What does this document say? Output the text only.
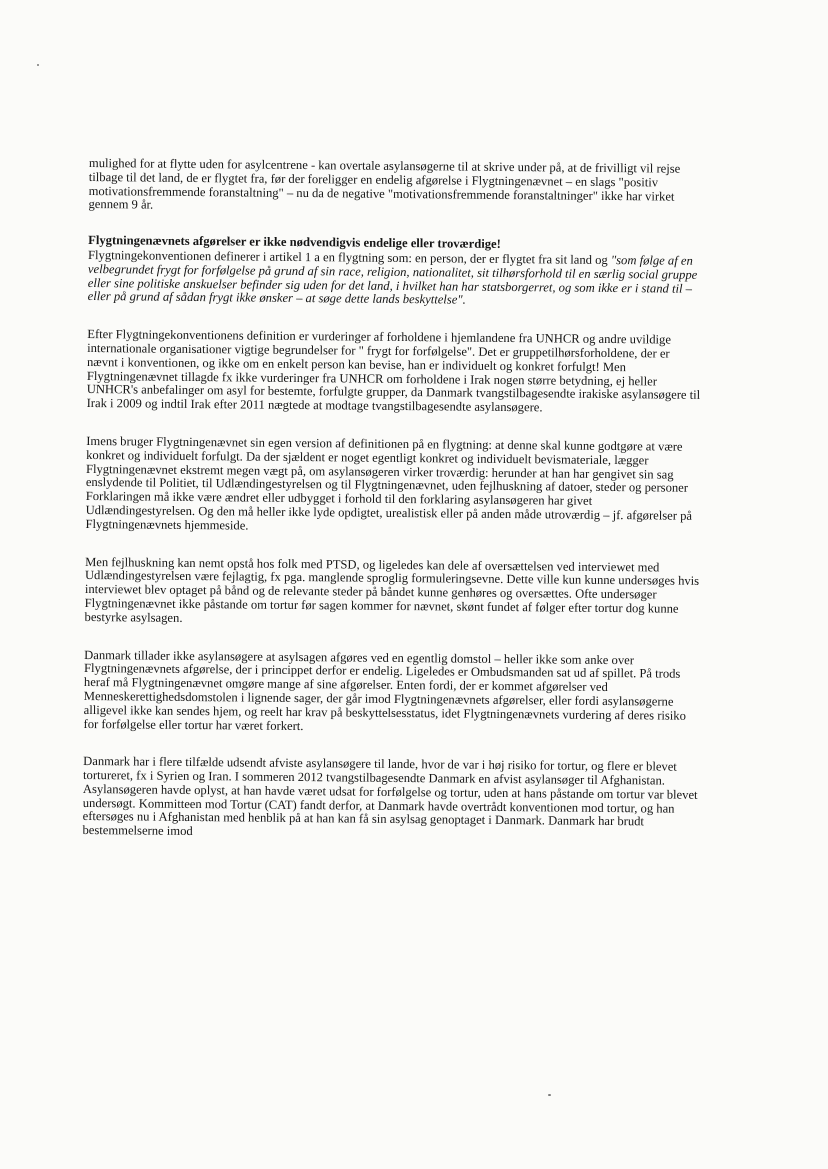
mulighed for at flytte uden for asylcentrene - kan overtale asylansøgerne til at skrive under på, at de frivilligt vil rejse tilbage til det land, de er flygtet fra, før der foreligger en endelig afgørelse i Flygtningenævnet – en slags "positiv motivationsfremmende foranstaltning" – nu da de negative "motivationsfremmende foranstaltninger" ikke har virket gennem 9 år.

Flygtningenævnets afgørelser er ikke nødvendigvis endelige eller troværdige!
Flygtningekonventionen definerer i artikel 1 a en flygtning som: en person, der er flygtet fra sit land og "som følge af en velbegrundet frygt for forfølgelse på grund af sin race, religion, nationalitet, sit tilhørsforhold til en særlig social gruppe eller sine politiske anskuelser befinder sig uden for det land, i hvilket han har statsborgerret, og som ikke er i stand til – eller på grund af sådan frygt ikke ønsker – at søge dette lands beskyttelse".

Efter Flygtningekonventionens definition er vurderinger af forholdene i hjemlandene fra UNHCR og andre uvildige internationale organisationer vigtige begrundelser for " frygt for forfølgelse". Det er gruppetilhørsforholdene, der er nævnt i konventionen, og ikke om en enkelt person kan bevise, han er individuelt og konkret forfulgt! Men Flygtningenævnet tillagde fx ikke vurderinger fra UNHCR om forholdene i Irak nogen større betydning, ej heller UNHCR's anbefalinger om asyl for bestemte, forfulgte grupper, da Danmark tvangstilbagesendte irakiske asylansøgere til Irak i 2009 og indtil Irak efter 2011 nægtede at modtage tvangstilbagesendte asylansøgere.

Imens bruger Flygtningenævnet sin egen version af definitionen på en flygtning: at denne skal kunne godtgøre at være konkret og individuelt forfulgt. Da der sjældent er noget egentligt konkret og individuelt bevismateriale, lægger Flygtningenævnet ekstremt megen vægt på, om asylansøgeren virker troværdig: herunder at han har gengivet sin sag enslydende til Politiet, til Udlændingestyrelsen og til Flygtningenævnet, uden fejlhuskning af datoer, steder og personer Forklaringen må ikke være ændret eller udbygget i forhold til den forklaring asylansøgeren har givet Udlændingestyrelsen. Og den må heller ikke lyde opdigtet, urealistisk eller på anden måde utroværdig – jf. afgørelser på Flygtningenævnets hjemmeside.

Men fejlhuskning kan nemt opstå hos folk med PTSD, og ligeledes kan dele af oversættelsen ved interviewet med Udlændingestyrelsen være fejlagtig, fx pga. manglende sproglig formuleringsevne. Dette ville kun kunne undersøges hvis interviewet blev optaget på bånd og de relevante steder på båndet kunne genhøres og oversættes. Ofte undersøger Flygtningenævnet ikke påstande om tortur før sagen kommer for nævnet, skønt fundet af følger efter tortur dog kunne bestyrke asylsagen.

Danmark tillader ikke asylansøgere at asylsagen afgøres ved en egentlig domstol – heller ikke som anke over Flygtningenævnets afgørelse, der i princippet derfor er endelig. Ligeledes er Ombudsmanden sat ud af spillet. På trods heraf må Flygtningenævnet omgøre mange af sine afgørelser. Enten fordi, der er kommet afgørelser ved Menneskerettighedsdomstolen i lignende sager, der går imod Flygtningenævnets afgørelser, eller fordi asylansøgerne alligevel ikke kan sendes hjem, og reelt har krav på beskyttelsesstatus, idet Flygtningenævnets vurdering af deres risiko for forfølgelse eller tortur har været forkert.

Danmark har i flere tilfælde udsendt afviste asylansøgere til lande, hvor de var i høj risiko for tortur, og flere er blevet tortureret, fx i Syrien og Iran. I sommeren 2012 tvangstilbagesendte Danmark en afvist asylansøger til Afghanistan. Asylansøgeren havde oplyst, at han havde været udsat for forfølgelse og tortur, uden at hans påstande om tortur var blevet undersøgt. Kommitteen mod Tortur (CAT) fandt derfor, at Danmark havde overtrådt konventionen mod tortur, og han eftersøges nu i Afghanistan med henblik på at han kan få sin asylsag genoptaget i Danmark. Danmark har brudt bestemmelserne imod
